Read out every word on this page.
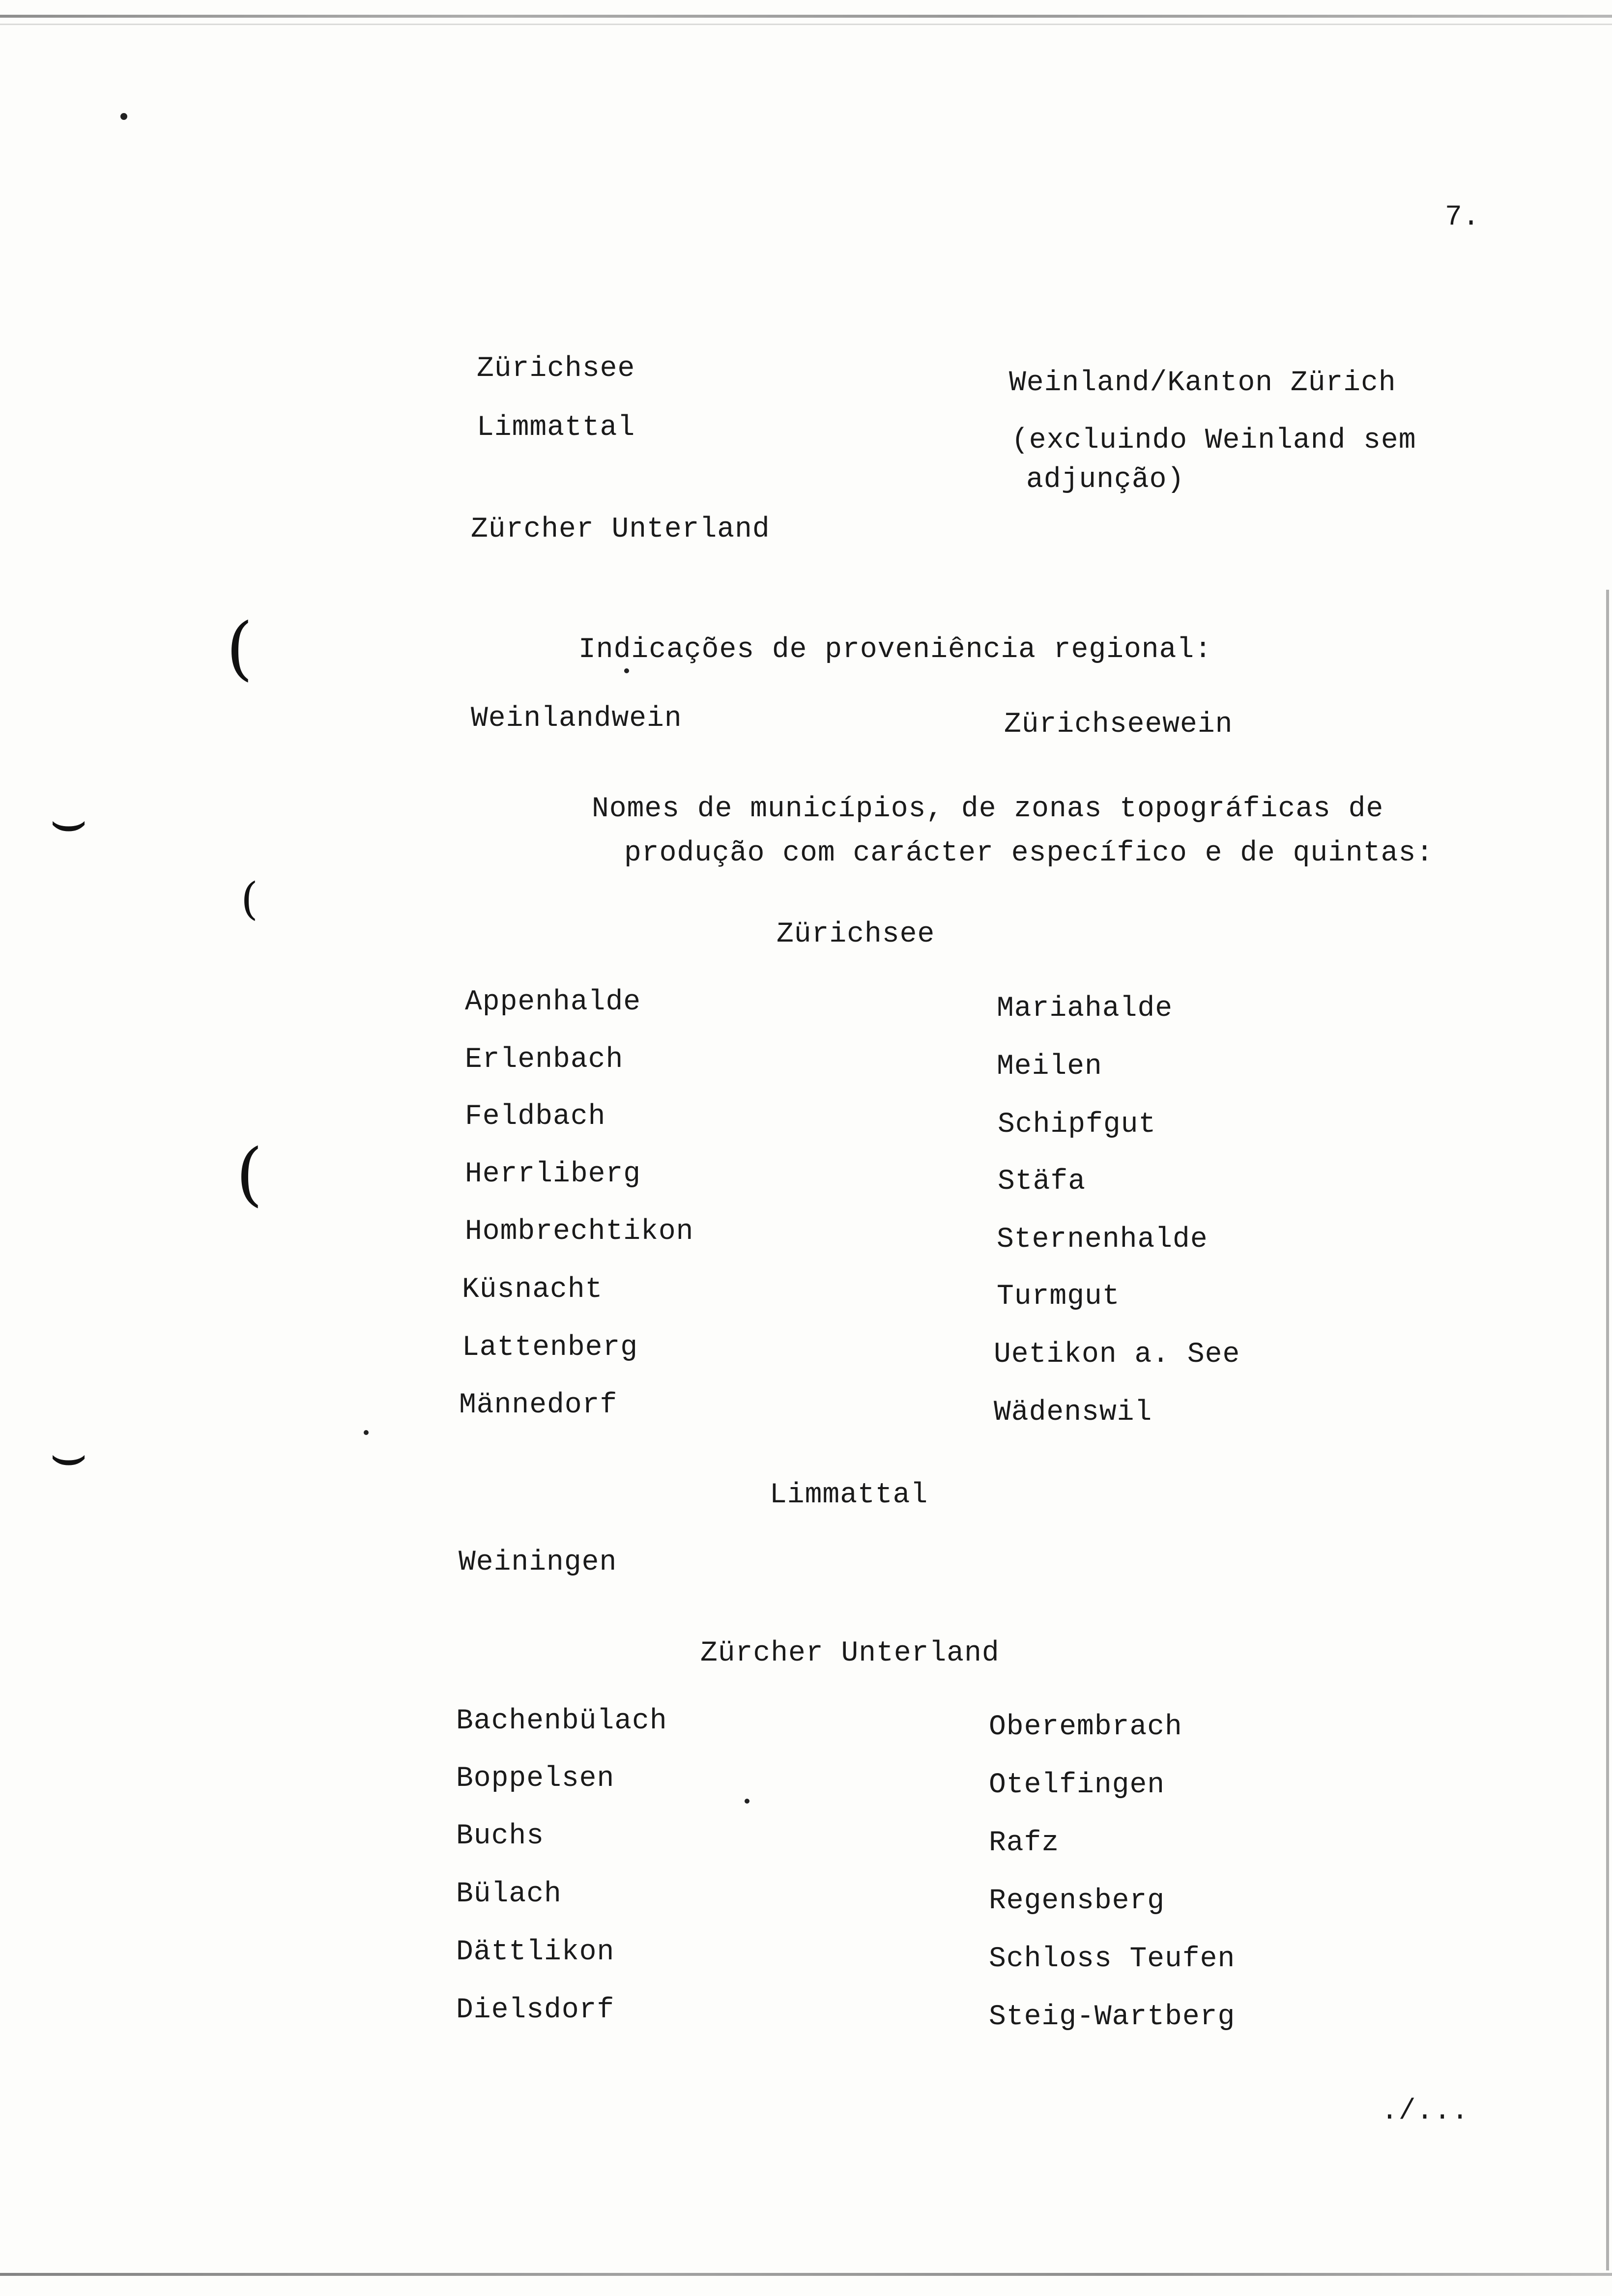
(
(
(
⌣
⌣
7.
Zürichsee
Limmattal
Zürcher Unterland
Weinland/Kanton Zürich
(excluindo Weinland sem
adjunção)
Indicações de proveniência regional:
Weinlandwein	Zürichseewein
Nomes de municípios, de zonas topográficas de
produção com carácter específico e de quintas:
Zürichsee
Appenhalde
Erlenbach
Feldbach
Herrliberg
Hombrechtikon
Küsnacht
Lattenberg
Männedorf
Mariahalde
Meilen
Schipfgut
Stäfa
Sternenhalde
Turmgut
Uetikon a. See
Wädenswil
Limmattal
Weiningen
Zürcher Unterland
Bachenbülach
Boppelsen
Buchs
Bülach
Dättlikon
Dielsdorf
Oberembrach
Otelfingen
Rafz
Regensberg
Schloss Teufen
Steig-Wartberg
./...
